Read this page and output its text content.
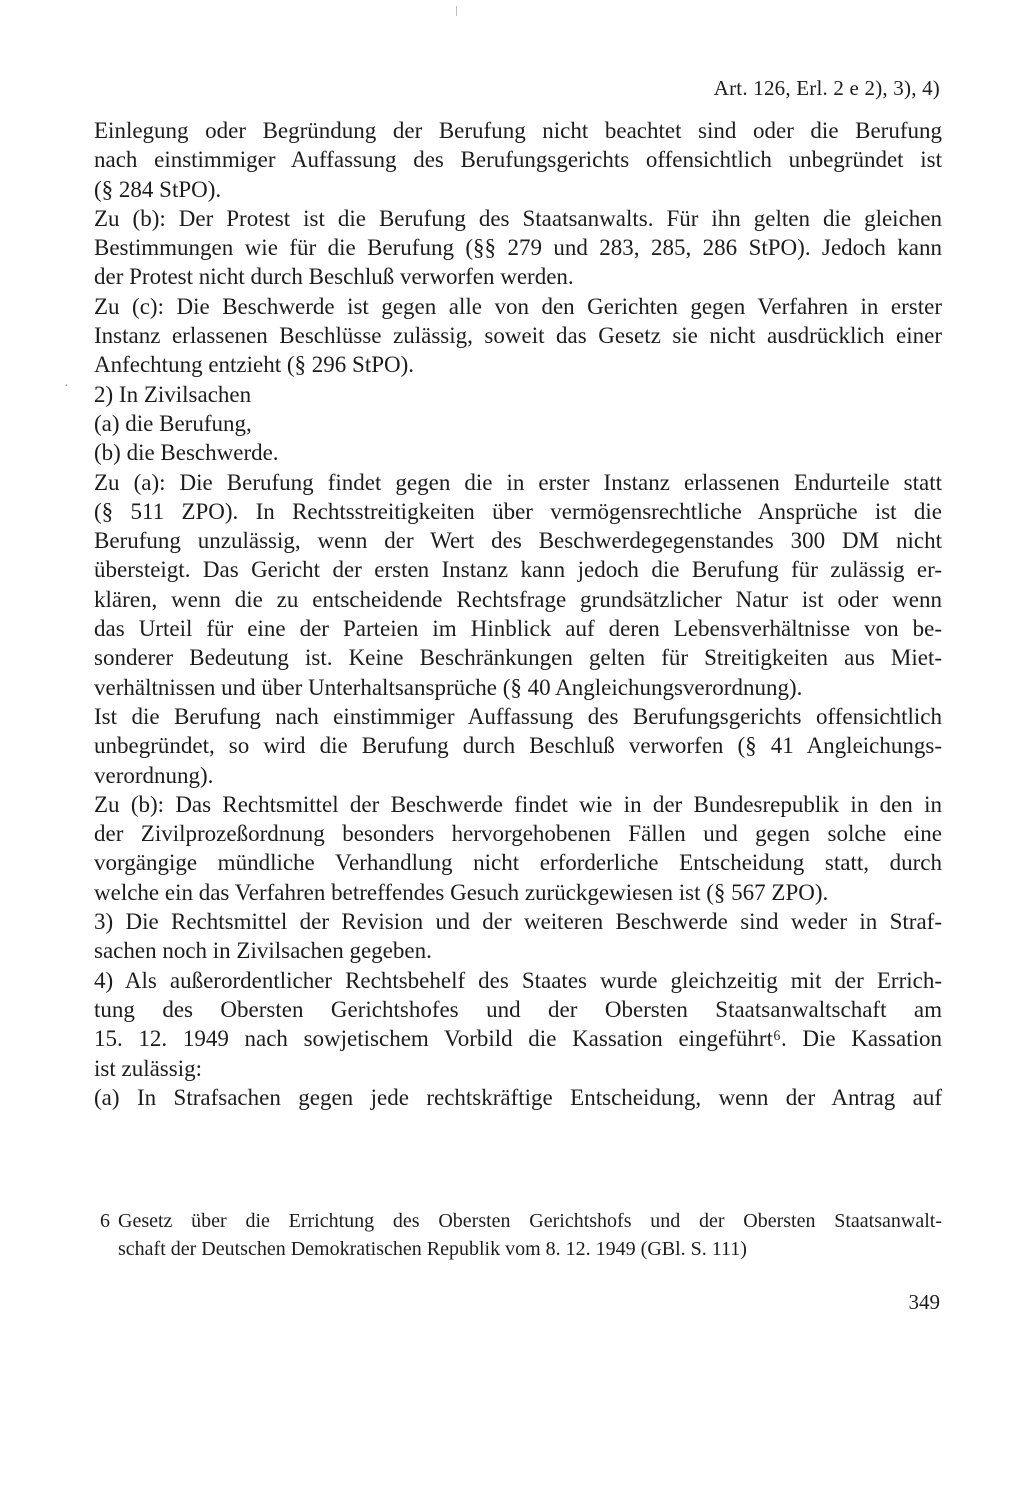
Art. 126, Erl. 2 e 2), 3), 4)
·
Einlegung oder Begründung der Berufung nicht beachtet sind oder die Berufung
nach einstimmiger Auffassung des Berufungsgerichts offensichtlich unbegründet ist
(§ 284 StPO).
Zu (b): Der Protest ist die Berufung des Staatsanwalts. Für ihn gelten die gleichen
Bestimmungen wie für die Berufung (§§ 279 und 283, 285, 286 StPO). Jedoch kann
der Protest nicht durch Beschluß verworfen werden.
Zu (c): Die Beschwerde ist gegen alle von den Gerichten gegen Verfahren in erster
Instanz erlassenen Beschlüsse zulässig, soweit das Gesetz sie nicht ausdrücklich einer
Anfechtung entzieht (§ 296 StPO).
2) In Zivilsachen
(a) die Berufung,
(b) die Beschwerde.
Zu (a): Die Berufung findet gegen die in erster Instanz erlassenen Endurteile statt
(§ 511 ZPO). In Rechtsstreitigkeiten über vermögensrechtliche Ansprüche ist die
Berufung unzulässig, wenn der Wert des Beschwerdegegenstandes 300 DM nicht
übersteigt. Das Gericht der ersten Instanz kann jedoch die Berufung für zulässig er-
klären, wenn die zu entscheidende Rechtsfrage grundsätzlicher Natur ist oder wenn
das Urteil für eine der Parteien im Hinblick auf deren Lebensverhältnisse von be-
sonderer Bedeutung ist. Keine Beschränkungen gelten für Streitigkeiten aus Miet-
verhältnissen und über Unterhaltsansprüche (§ 40 Angleichungsverordnung).
Ist die Berufung nach einstimmiger Auffassung des Berufungsgerichts offensichtlich
unbegründet, so wird die Berufung durch Beschluß verworfen (§ 41 Angleichungs-
verordnung).
Zu (b): Das Rechtsmittel der Beschwerde findet wie in der Bundesrepublik in den in
der Zivilprozeßordnung besonders hervorgehobenen Fällen und gegen solche eine
vorgängige mündliche Verhandlung nicht erforderliche Entscheidung statt, durch
welche ein das Verfahren betreffendes Gesuch zurückgewiesen ist (§ 567 ZPO).
3) Die Rechtsmittel der Revision und der weiteren Beschwerde sind weder in Straf-
sachen noch in Zivilsachen gegeben.
4) Als außerordentlicher Rechtsbehelf des Staates wurde gleichzeitig mit der Errich-
tung des Obersten Gerichtshofes und der Obersten Staatsanwaltschaft am
15. 12. 1949 nach sowjetischem Vorbild die Kassation eingeführt⁶. Die Kassation
ist zulässig:
(a) In Strafsachen gegen jede rechtskräftige Entscheidung, wenn der Antrag auf
6 Gesetz über die Errichtung des Obersten Gerichtshofs und der Obersten Staatsanwalt-
schaft der Deutschen Demokratischen Republik vom 8. 12. 1949 (GBl. S. 111)
349
